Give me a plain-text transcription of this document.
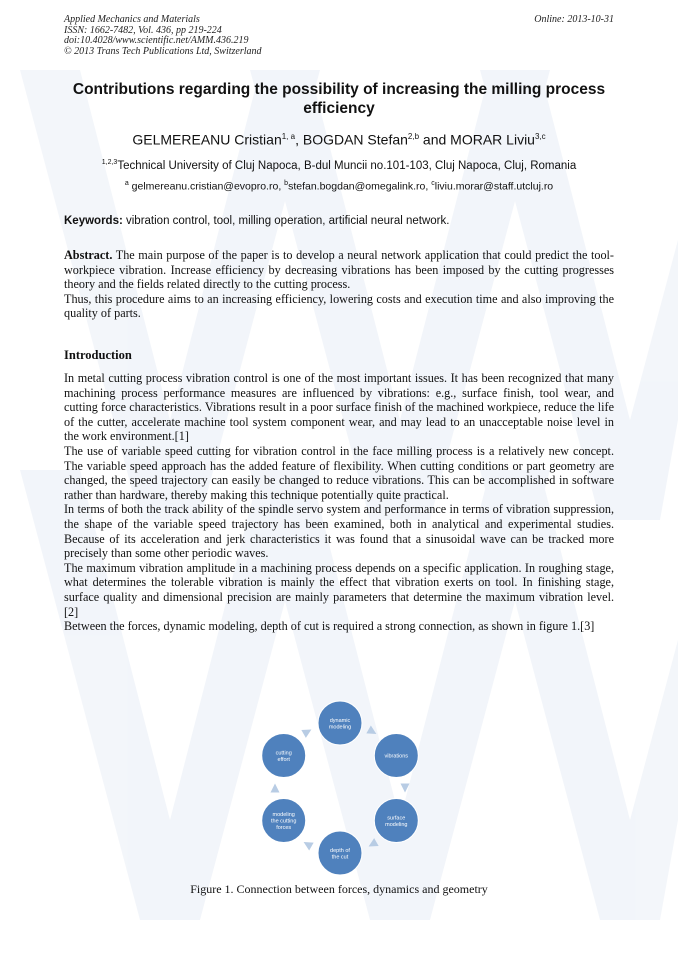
Applied Mechanics and Materials
ISSN: 1662-7482, Vol. 436, pp 219-224
doi:10.4028/www.scientific.net/AMM.436.219
© 2013 Trans Tech Publications Ltd, Switzerland
Online: 2013-10-31
Contributions regarding the possibility of increasing the milling process efficiency
GELMEREANU Cristian$^{1, a}$, BOGDAN Stefan$^{2,b}$ and MORAR Liviu$^{3,c}$
$^{1,2,3}$Technical University of Cluj Napoca, B-dul Muncii no.101-103, Cluj Napoca, Cluj, Romania
$^a$ gelmereanu.cristian@evopro.ro, $^b$stefan.bogdan@omegalink.ro, $^c$liviu.morar@staff.utcluj.ro
Keywords: vibration control, tool, milling operation, artificial neural network.

Abstract. The main purpose of the paper is to develop a neural network application that could predict the tool-workpiece vibration. Increase efficiency by decreasing vibrations has been imposed by the cutting progresses theory and the fields related directly to the cutting process.

Thus, this procedure aims to an increasing efficiency, lowering costs and execution time and also improving the quality of parts.

Introduction

In metal cutting process vibration control is one of the most important issues. It has been recognized that many machining process performance measures are influenced by vibrations: e.g., surface finish, tool wear, and cutting force characteristics. Vibrations result in a poor surface finish of the machined workpiece, reduce the life of the cutter, accelerate machine tool system component wear, and may lead to an unacceptable noise level in the work environment.[1]

The use of variable speed cutting for vibration control in the face milling process is a relatively new concept. The variable speed approach has the added feature of flexibility. When cutting conditions or part geometry are changed, the speed trajectory can easily be changed to reduce vibrations. This can be accomplished in software rather than hardware, thereby making this technique potentially quite practical.

In terms of both the track ability of the spindle servo system and performance in terms of vibration suppression, the shape of the variable speed trajectory has been examined, both in analytical and experimental studies. Because of its acceleration and jerk characteristics it was found that a sinusoidal wave can be tracked more precisely than some other periodic waves.

The maximum vibration amplitude in a machining process depends on a specific application. In roughing stage, what determines the tolerable vibration is mainly the effect that vibration exerts on tool. In finishing stage, surface quality and dimensional precision are mainly parameters that determine the maximum vibration level. [2]

Between the forces, dynamic modeling, depth of cut is required a strong connection, as shown in figure 1.[3]

dynamic
modeling
vibrations
surface
modeling
depth of
the cut
modeling
the cutting
forces
cutting
effort
Figure 1. Connection between forces, dynamics and geometry
